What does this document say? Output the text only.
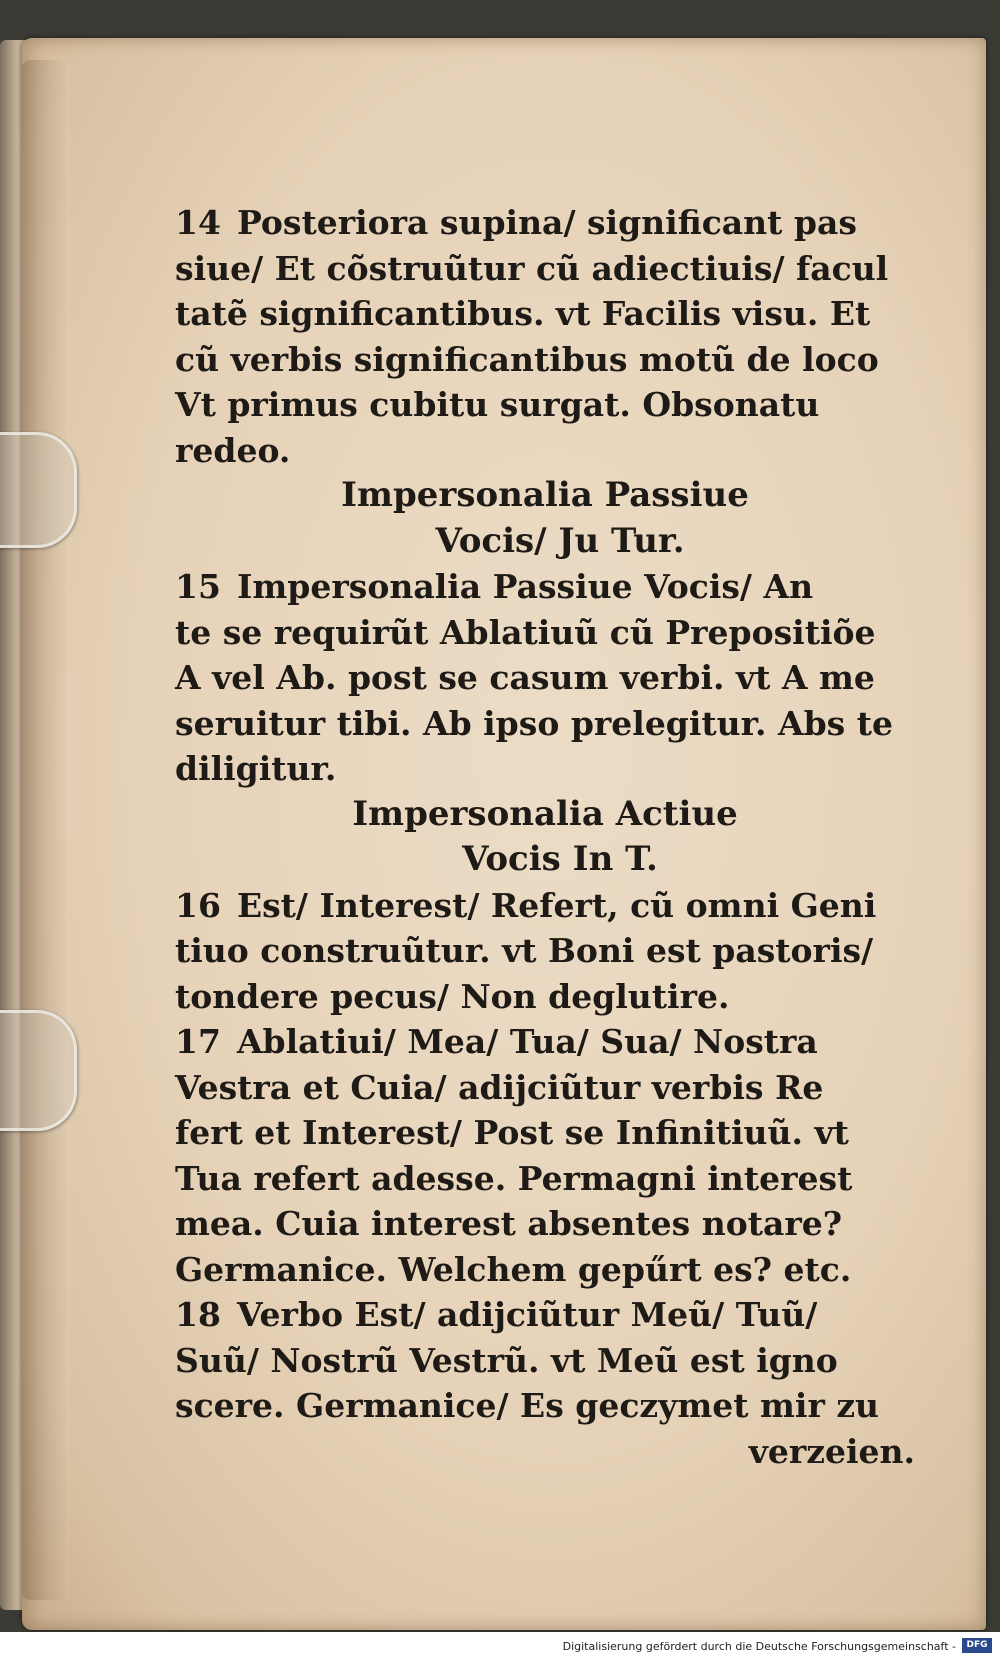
14 Posteriora supina/ significant pas
siue/ Et cõstruũtur cũ adiectiuis/ facul
tatẽ significantibus. vt Facilis visu. Et
cũ verbis significantibus motũ de loco
Vt primus cubitu surgat. Obsonatu
redeo.
Impersonalia Passiue
Vocis/ Ju Tur.
15 Impersonalia Passiue Vocis/ An
te se requirũt Ablatiuũ cũ Prepositiõe
A vel Ab. post se casum verbi. vt A me
seruitur tibi. Ab ipso prelegitur. Abs te
diligitur.
Impersonalia Actiue
Vocis In T.
16 Est/ Interest/ Refert, cũ omni Geni
tiuo construũtur. vt Boni est pastoris/
tondere pecus/ Non deglutire.
17 Ablatiui/ Mea/ Tua/ Sua/ Nostra
Vestra et Cuia/ adijciũtur verbis Re
fert et Interest/ Post se Infinitiuũ. vt
Tua refert adesse. Permagni interest
mea. Cuia interest absentes notare?
Germanice. Welchem gepűrt es? etc.
18 Verbo Est/ adijciũtur Meũ/ Tuũ/
Suũ/ Nostrũ Vestrũ. vt Meũ est igno
scere. Germanice/ Es geczymet mir zu
verzeien.
Digitalisierung gefördert durch die Deutsche Forschungsgemeinschaft -	DFG
